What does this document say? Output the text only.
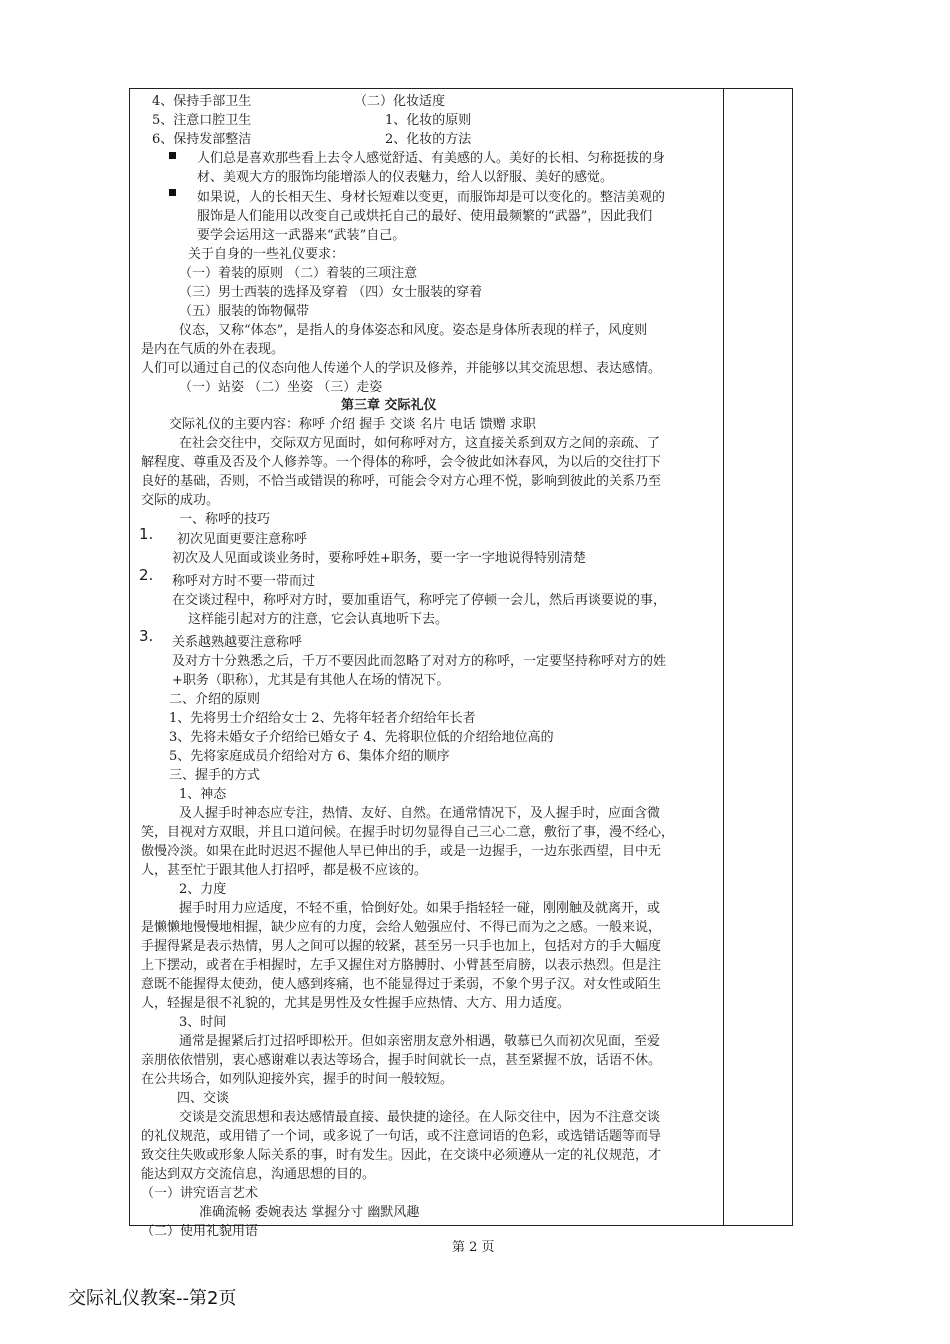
1.
2.
3.
4、保持手部卫生	（二）化妆适度
5、注意口腔卫生	1、化妆的原则
6、保持发部整洁	2、化妆的方法
人们总是喜欢那些看上去令人感觉舒适、有美感的人。美好的长相、匀称挺拔的身
材、美观大方的服饰均能增添人的仪表魅力，给人以舒服、美好的感觉。
如果说，人的长相天生、身材长短难以变更，而服饰却是可以变化的。整洁美观的
服饰是人们能用以改变自己或烘托自己的最好、使用最频繁的“武器”，因此我们
要学会运用这一武器来“武装”自己。
关于自身的一些礼仪要求：
（一）着装的原则 （二）着装的三项注意
（三）男士西装的选择及穿着 （四）女士服装的穿着
（五）服装的饰物佩带
仪态，又称“体态”，是指人的身体姿态和风度。姿态是身体所表现的样子，风度则
是内在气质的外在表现。
人们可以通过自己的仪态向他人传递个人的学识及修养，并能够以其交流思想、表达感情。
（一）站姿 （二）坐姿 （三）走姿
第三章 交际礼仪
交际礼仪的主要内容：称呼 介绍 握手 交谈 名片 电话 馈赠 求职
在社会交往中，交际双方见面时，如何称呼对方，这直接关系到双方之间的亲疏、了
解程度、尊重及否及个人修养等。一个得体的称呼，会令彼此如沐春风，为以后的交往打下
良好的基础，否则，不恰当或错误的称呼，可能会令对方心理不悦，影响到彼此的关系乃至
交际的成功。
一、称呼的技巧
初次见面更要注意称呼
初次及人见面或谈业务时，要称呼姓+职务，要一字一字地说得特别清楚
称呼对方时不要一带而过
在交谈过程中，称呼对方时，要加重语气，称呼完了停顿一会儿，然后再谈要说的事，
这样能引起对方的注意，它会认真地听下去。
关系越熟越要注意称呼
及对方十分熟悉之后，千万不要因此而忽略了对对方的称呼，一定要坚持称呼对方的姓
+职务（职称），尤其是有其他人在场的情况下。
二、介绍的原则
1、先将男士介绍给女士 2、先将年轻者介绍给年长者
3、先将未婚女子介绍给已婚女子 4、先将职位低的介绍给地位高的
5、先将家庭成员介绍给对方 6、集体介绍的顺序
三、握手的方式
1、神态
及人握手时神态应专注，热情、友好、自然。在通常情况下，及人握手时，应面含微
笑，目视对方双眼，并且口道问候。在握手时切勿显得自己三心二意，敷衍了事，漫不经心，
傲慢冷淡。如果在此时迟迟不握他人早已伸出的手，或是一边握手，一边东张西望，目中无
人，甚至忙于跟其他人打招呼，都是极不应该的。
2、力度
握手时用力应适度，不轻不重，恰倒好处。如果手指轻轻一碰，刚刚触及就离开，或
是懒懒地慢慢地相握，缺少应有的力度，会给人勉强应付、不得已而为之之感。一般来说，
手握得紧是表示热情，男人之间可以握的较紧，甚至另一只手也加上，包括对方的手大幅度
上下摆动，或者在手相握时，左手又握住对方胳膊肘、小臂甚至肩膀，以表示热烈。但是注
意既不能握得太使劲，使人感到疼痛，也不能显得过于柔弱，不象个男子汉。对女性或陌生
人，轻握是很不礼貌的，尤其是男性及女性握手应热情、大方、用力适度。
3、时间
通常是握紧后打过招呼即松开。但如亲密朋友意外相遇，敬慕已久而初次见面，至爱
亲朋依依惜别，衷心感谢难以表达等场合，握手时间就长一点，甚至紧握不放，话语不休。
在公共场合，如列队迎接外宾，握手的时间一般较短。
四、交谈
交谈是交流思想和表达感情最直接、最快捷的途径。在人际交往中，因为不注意交谈
的礼仪规范，或用错了一个词，或多说了一句话，或不注意词语的色彩，或选错话题等而导
致交往失败或形象人际关系的事，时有发生。因此，在交谈中必须遵从一定的礼仪规范，才
能达到双方交流信息，沟通思想的目的。
（一）讲究语言艺术
准确流畅 委婉表达 掌握分寸 幽默风趣
（二）使用礼貌用语
第 2 页
交际礼仪教案--第2页
